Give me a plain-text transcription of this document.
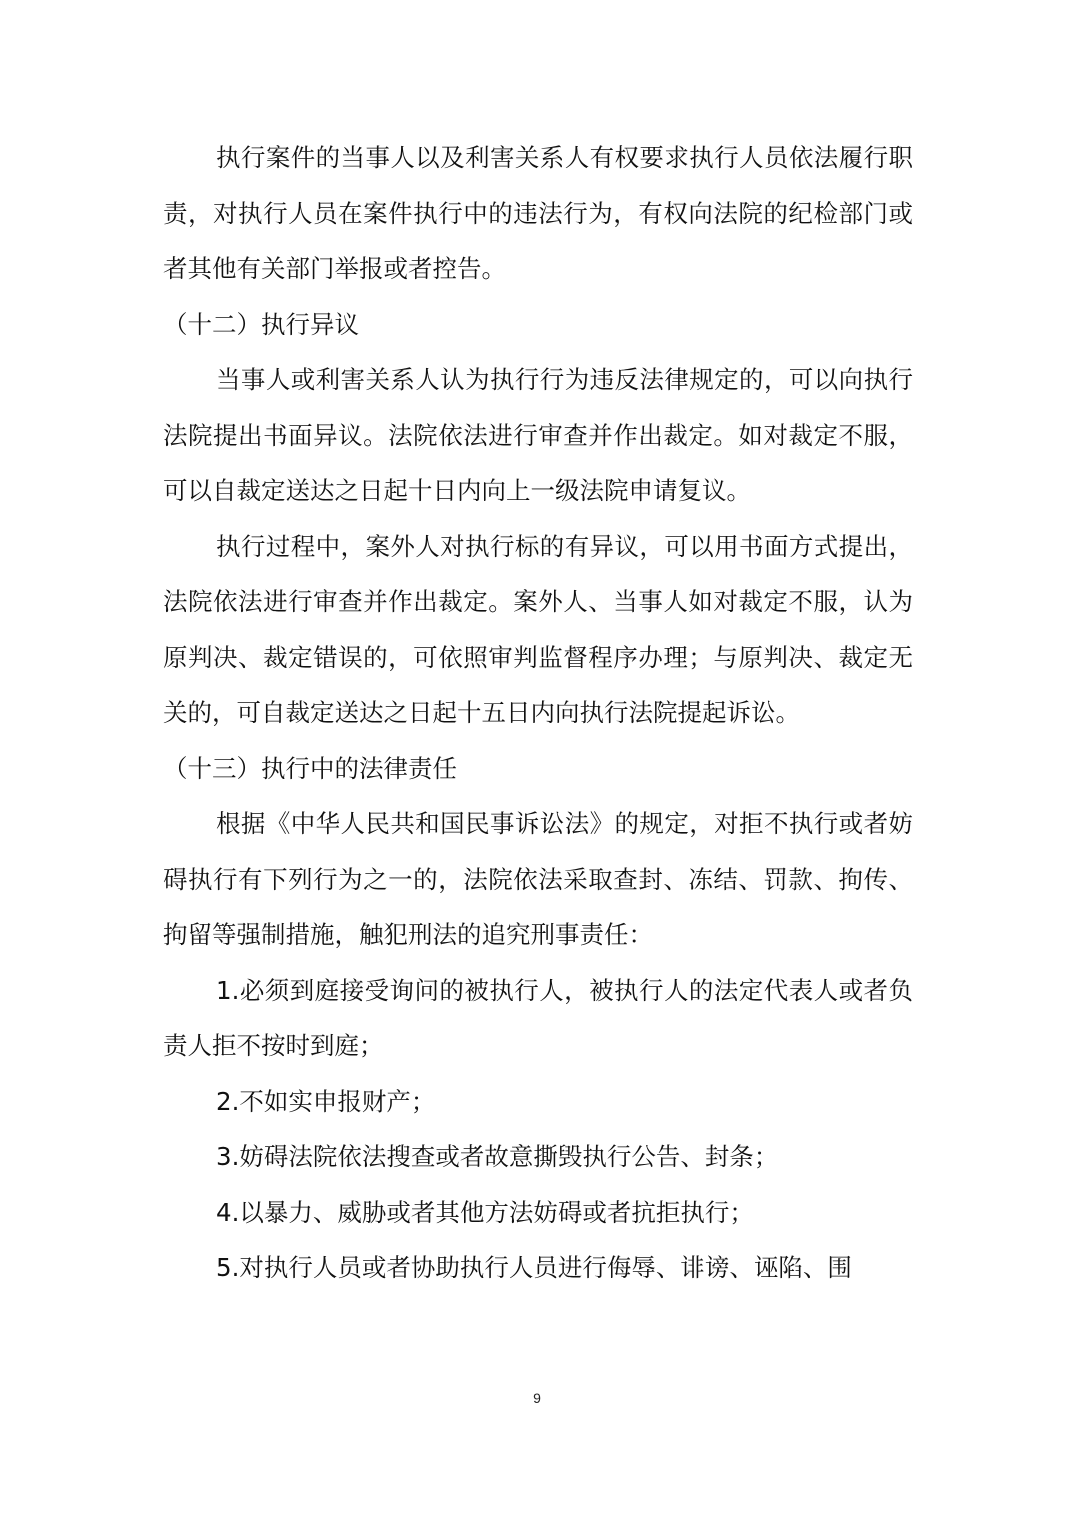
执行案件的当事人以及利害关系人有权要求执行人员依法履行职责，对执行人员在案件执行中的违法行为，有权向法院的纪检部门或者其他有关部门举报或者控告。

（十二）执行异议

当事人或利害关系人认为执行行为违反法律规定的，可以向执行法院提出书面异议。法院依法进行审查并作出裁定。如对裁定不服，可以自裁定送达之日起十日内向上一级法院申请复议。

执行过程中，案外人对执行标的有异议，可以用书面方式提出，法院依法进行审查并作出裁定。案外人、当事人如对裁定不服，认为原判决、裁定错误的，可依照审判监督程序办理；与原判决、裁定无关的，可自裁定送达之日起十五日内向执行法院提起诉讼。

（十三）执行中的法律责任

根据《中华人民共和国民事诉讼法》的规定，对拒不执行或者妨碍执行有下列行为之一的，法院依法采取查封、冻结、罚款、拘传、拘留等强制措施，触犯刑法的追究刑事责任：

1.必须到庭接受询问的被执行人，被执行人的法定代表人或者负责人拒不按时到庭；

2.不如实申报财产；

3.妨碍法院依法搜查或者故意撕毁执行公告、封条；

4.以暴力、威胁或者其他方法妨碍或者抗拒执行；

5.对执行人员或者协助执行人员进行侮辱、诽谤、诬陷、围

9
